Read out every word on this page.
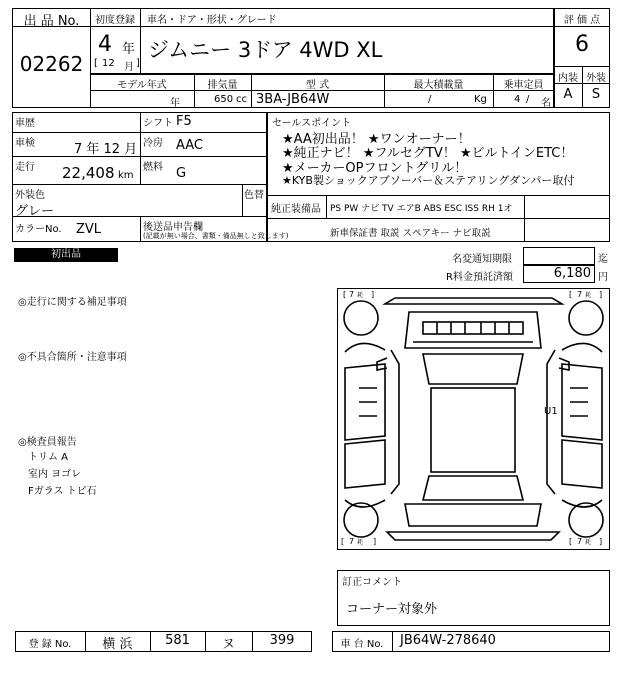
出 品 No.
02262
初度登録	車名・ドア・形状・グレード
4 年
[ 12 月 ]
ジムニー 3ドア 4WD XL
評 価 点
6
内装 外装
A	S
モデル年式	排気量	型 式	最大積載量	乗車定員
年	650 cc 3BA-JB64W	/	Kg	4 / 名
車歴	シフト F5
車検	7 年 12 月 冷房 AAC
走行 22,408 km
燃料 G
外装色
グレー
色替
カラーNo. ZVL	後送品申告欄
(記載が無い場合、書類・備品無しと致します)
セールスポイント
★AA初出品！ ★ワンオーナー！
★純正ナビ！ ★フルセグTV！ ★ビルトインETC！
★メーカーOPフロントグリル！
★KYB製ショックアブソーバー＆ステアリングダンパー取付
純正装備品 PS PW ナビ TV エアB ABS ESC ISS RH 1オ
新車保証書 取説 スペアキー ナビ取説
初出品	名変通知期限	迄
R料金預託済額	6,180 円
◎走行に関する補足事項
◎不具合箇所・注意事項
◎検査員報告
トリム A
室内 ヨゴレ
Fガラス トビ石
[ 7 耗 ]	[ 7 耗 ]
[ 7 耗 ]	[ 7 耗 ]
U1
訂正コメント
コーナー対象外
登 録 No.	横 浜	581	ヌ	399	車 台 No.	JB64W-278640
